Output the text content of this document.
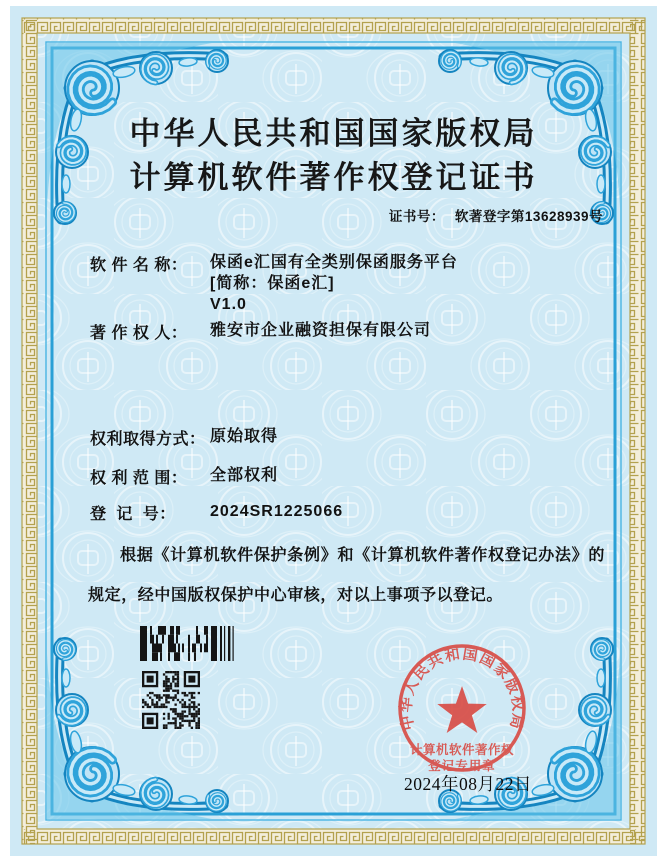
中华人民共和国国家版权局
计算机软件著作权登记证书
证书号： 软著登字第13628939号
软 件 名 称：	保函e汇国有全类别保函服务平台
[简称：保函e汇]
V1.0
著 作 权 人：	雅安市企业融资担保有限公司
权利取得方式： 原始取得
权 利 范 围：	全部权利
登  记  号：	2024SR1225066
根据《计算机软件保护条例》和《计算机软件著作权登记办法》的规定，经中国版权保护中心审核，对以上事项予以登记。
中华人民共和国国家版权局
计算机软件著作权
登记专用章
2024年08月22日
